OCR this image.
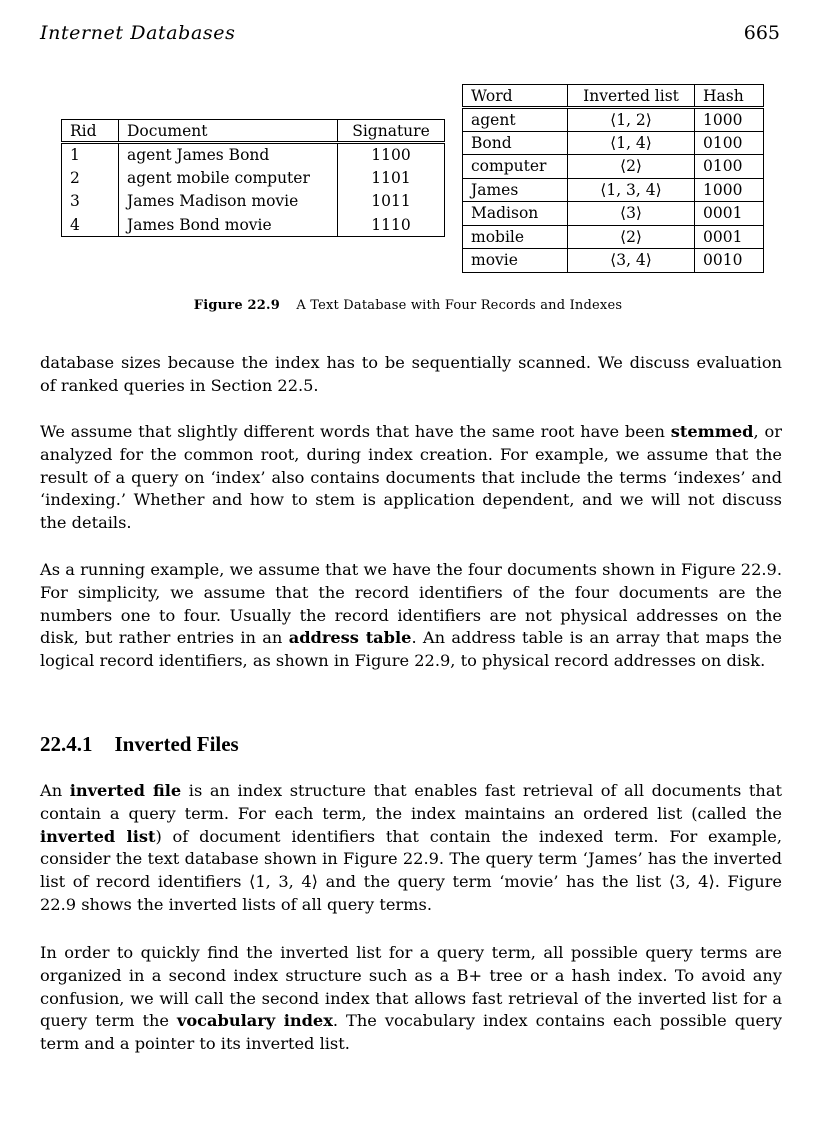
Internet Databases	665
Rid	Document	Signature
1	agent James Bond	1100
2	agent mobile computer	1101
3	James Madison movie	1011
4	James Bond movie	1110
Word	Inverted list	Hash
agent	⟨1, 2⟩	1000
Bond	⟨1, 4⟩	0100
computer	⟨2⟩	0100
James	⟨1, 3, 4⟩	1000
Madison	⟨3⟩	0001
mobile	⟨2⟩	0001
movie	⟨3, 4⟩	0010
Figure 22.9 A Text Database with Four Records and Indexes

database sizes because the index has to be sequentially scanned. We discuss evaluation of ranked queries in Section 22.5.

We assume that slightly different words that have the same root have been stemmed, or analyzed for the common root, during index creation. For example, we assume that the result of a query on ‘index’ also contains documents that include the terms ‘indexes’ and ‘indexing.’ Whether and how to stem is application dependent, and we will not discuss the details.

As a running example, we assume that we have the four documents shown in Figure 22.9. For simplicity, we assume that the record identifiers of the four documents are the numbers one to four. Usually the record identifiers are not physical addresses on the disk, but rather entries in an address table. An address table is an array that maps the logical record identifiers, as shown in Figure 22.9, to physical record addresses on disk.

22.4.1 Inverted Files

An inverted file is an index structure that enables fast retrieval of all documents that contain a query term. For each term, the index maintains an ordered list (called the inverted list) of document identifiers that contain the indexed term. For example, consider the text database shown in Figure 22.9. The query term ‘James’ has the inverted list of record identifiers ⟨1, 3, 4⟩ and the query term ‘movie’ has the list ⟨3, 4⟩. Figure 22.9 shows the inverted lists of all query terms.

In order to quickly find the inverted list for a query term, all possible query terms are organized in a second index structure such as a B+ tree or a hash index. To avoid any confusion, we will call the second index that allows fast retrieval of the inverted list for a query term the vocabulary index. The vocabulary index contains each possible query term and a pointer to its inverted list.
